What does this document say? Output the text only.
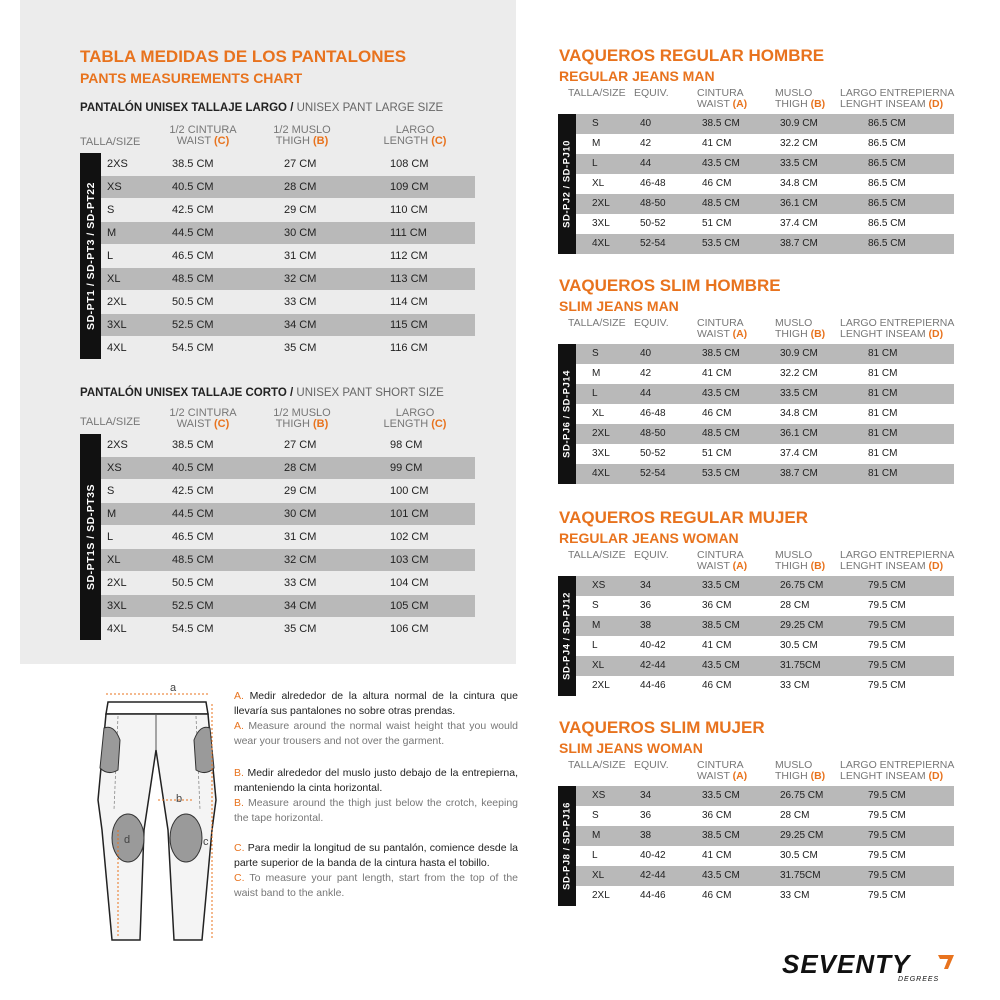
TABLA MEDIDAS DE LOS PANTALONES
PANTS MEASUREMENTS CHART
PANTALÓN UNISEX TALLAJE LARGO / UNISEX PANT LARGE SIZE
TALLA/SIZE
1/2 CINTURA
WAIST (C)
1/2 MUSLO
THIGH (B)
LARGO
LENGTH (C)
SD-PT1 / SD-PT3 / SD-PT22
2XS	38.5 CM	27 CM	108 CM
XS	40.5 CM	28 CM	109 CM
S	42.5 CM	29 CM	110 CM
M	44.5 CM	30 CM	111 CM
L	46.5 CM	31 CM	112 CM
XL	48.5 CM	32 CM	113 CM
2XL	50.5 CM	33 CM	114 CM
3XL	52.5 CM	34 CM	115 CM
4XL	54.5 CM	35 CM	116 CM
PANTALÓN UNISEX TALLAJE CORTO / UNISEX PANT SHORT SIZE
TALLA/SIZE
1/2 CINTURA
WAIST (C)
1/2 MUSLO
THIGH (B)
LARGO
LENGTH (C)
SD-PT1S / SD-PT3S
2XS	38.5 CM	27 CM	98 CM
XS	40.5 CM	28 CM	99 CM
S	42.5 CM	29 CM	100 CM
M	44.5 CM	30 CM	101 CM
L	46.5 CM	31 CM	102 CM
XL	48.5 CM	32 CM	103 CM
2XL	50.5 CM	33 CM	104 CM
3XL	52.5 CM	34 CM	105 CM
4XL	54.5 CM	35 CM	106 CM
VAQUEROS REGULAR HOMBRE
REGULAR JEANS MAN
TALLA/SIZE EQUIV.	CINTURA
WAIST (A)
MUSLO
THIGH (B)
LARGO ENTREPIERNA
LENGHT INSEAM (D)
SD-PJ2 / SD-PJ10
S	40	38.5 CM	30.9 CM	86.5 CM
M	42	41 CM	32.2 CM	86.5 CM
L	44	43.5 CM	33.5 CM	86.5 CM
XL	46-48	46 CM	34.8 CM	86.5 CM
2XL	48-50	48.5 CM	36.1 CM	86.5 CM
3XL	50-52	51 CM	37.4 CM	86.5 CM
4XL	52-54	53.5 CM	38.7 CM	86.5 CM
VAQUEROS SLIM HOMBRE
SLIM JEANS MAN
TALLA/SIZE EQUIV.	CINTURA
WAIST (A)
MUSLO
THIGH (B)
LARGO ENTREPIERNA
LENGHT INSEAM (D)
SD-PJ6 / SD-PJ14
S	40	38.5 CM	30.9 CM	81 CM
M	42	41 CM	32.2 CM	81 CM
L	44	43.5 CM	33.5 CM	81 CM
XL	46-48	46 CM	34.8 CM	81 CM
2XL	48-50	48.5 CM	36.1 CM	81 CM
3XL	50-52	51 CM	37.4 CM	81 CM
4XL	52-54	53.5 CM	38.7 CM	81 CM
VAQUEROS REGULAR MUJER
REGULAR JEANS WOMAN
TALLA/SIZE EQUIV.	CINTURA
WAIST (A)
MUSLO
THIGH (B)
LARGO ENTREPIERNA
LENGHT INSEAM (D)
SD-PJ4 / SD-PJ12
XS	34	33.5 CM	26.75 CM	79.5 CM
S	36	36 CM	28 CM	79.5 CM
M	38	38.5 CM	29.25 CM	79.5 CM
L	40-42	41 CM	30.5 CM	79.5 CM
XL	42-44	43.5 CM	31.75CM	79.5 CM
2XL	44-46	46 CM	33 CM	79.5 CM
VAQUEROS SLIM MUJER
SLIM JEANS WOMAN
TALLA/SIZE EQUIV.	CINTURA
WAIST (A)
MUSLO
THIGH (B)
LARGO ENTREPIERNA
LENGHT INSEAM (D)
SD-PJ8 / SD-PJ16
XS	34	33.5 CM	26.75 CM	79.5 CM
S	36	36 CM	28 CM	79.5 CM
M	38	38.5 CM	29.25 CM	79.5 CM
L	40-42	41 CM	30.5 CM	79.5 CM
XL	42-44	43.5 CM	31.75CM	79.5 CM
2XL	44-46	46 CM	33 CM	79.5 CM
a
b
c
d
A. Medir alrededor de la altura normal de la cintura que llevaría sus pantalones no sobre otras prendas.
A. Measure around the normal waist height that you would wear your trousers and not over the garment.
B. Medir alrededor del muslo justo debajo de la entrepierna, manteniendo la cinta horizontal.
B. Measure around the thigh just below the crotch, keeping the tape horizontal.
C. Para medir la longitud de su pantalón, comience desde la parte superior de la banda de la cintura hasta el tobillo.
C. To measure your pant length, start from the top of the waist band to the ankle.
SEVENTY
DEGREES
